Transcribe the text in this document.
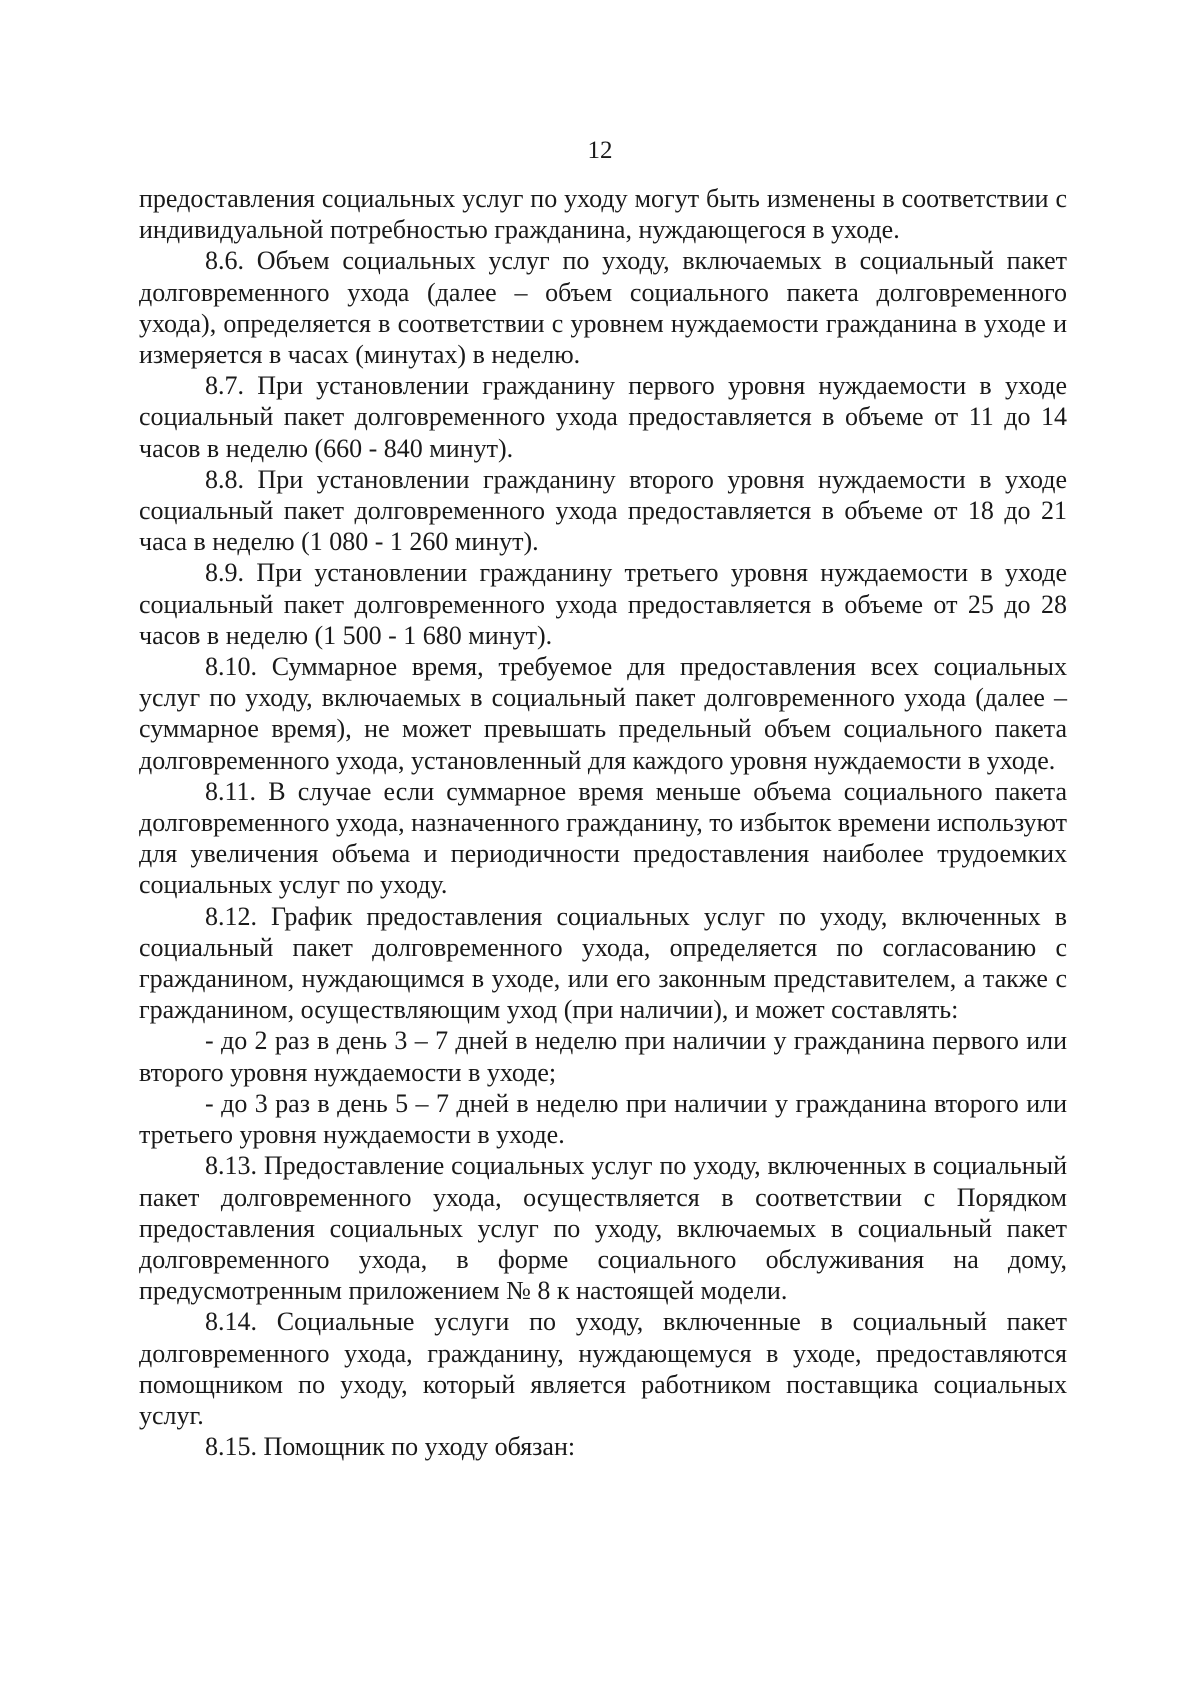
12

предоставления социальных услуг по уходу могут быть изменены в соответствии с индивидуальной потребностью гражданина, нуждающегося в уходе.

8.6. Объем социальных услуг по уходу, включаемых в социальный пакет долговременного ухода (далее – объем социального пакета долговременного ухода), определяется в соответствии с уровнем нуждаемости гражданина в уходе и измеряется в часах (минутах) в неделю.

8.7. При установлении гражданину первого уровня нуждаемости в уходе социальный пакет долговременного ухода предоставляется в объеме от 11 до 14 часов в неделю (660 - 840 минут).

8.8. При установлении гражданину второго уровня нуждаемости в уходе социальный пакет долговременного ухода предоставляется в объеме от 18 до 21 часа в неделю (1 080 - 1 260 минут).

8.9. При установлении гражданину третьего уровня нуждаемости в уходе социальный пакет долговременного ухода предоставляется в объеме от 25 до 28 часов в неделю (1 500 - 1 680 минут).

8.10. Суммарное время, требуемое для предоставления всех социальных услуг по уходу, включаемых в социальный пакет долговременного ухода (далее – суммарное время), не может превышать предельный объем социального пакета долговременного ухода, установленный для каждого уровня нуждаемости в уходе.

8.11. В случае если суммарное время меньше объема социального пакета долговременного ухода, назначенного гражданину, то избыток времени используют для увеличения объема и периодичности предоставления наиболее трудоемких социальных услуг по уходу.

8.12. График предоставления социальных услуг по уходу, включенных в социальный пакет долговременного ухода, определяется по согласованию с гражданином, нуждающимся в уходе, или его законным представителем, а также с гражданином, осуществляющим уход (при наличии), и может составлять:

- до 2 раз в день 3 – 7 дней в неделю при наличии у гражданина первого или второго уровня нуждаемости в уходе;

- до 3 раз в день 5 – 7 дней в неделю при наличии у гражданина второго или третьего уровня нуждаемости в уходе.

8.13. Предоставление социальных услуг по уходу, включенных в социальный пакет долговременного ухода, осуществляется в соответствии с Порядком предоставления социальных услуг по уходу, включаемых в социальный пакет долговременного ухода, в форме социального обслуживания на дому, предусмотренным приложением № 8 к настоящей модели.

8.14. Социальные услуги по уходу, включенные в социальный пакет долговременного ухода, гражданину, нуждающемуся в уходе, предоставляются помощником по уходу, который является работником поставщика социальных услуг.

8.15. Помощник по уходу обязан:
